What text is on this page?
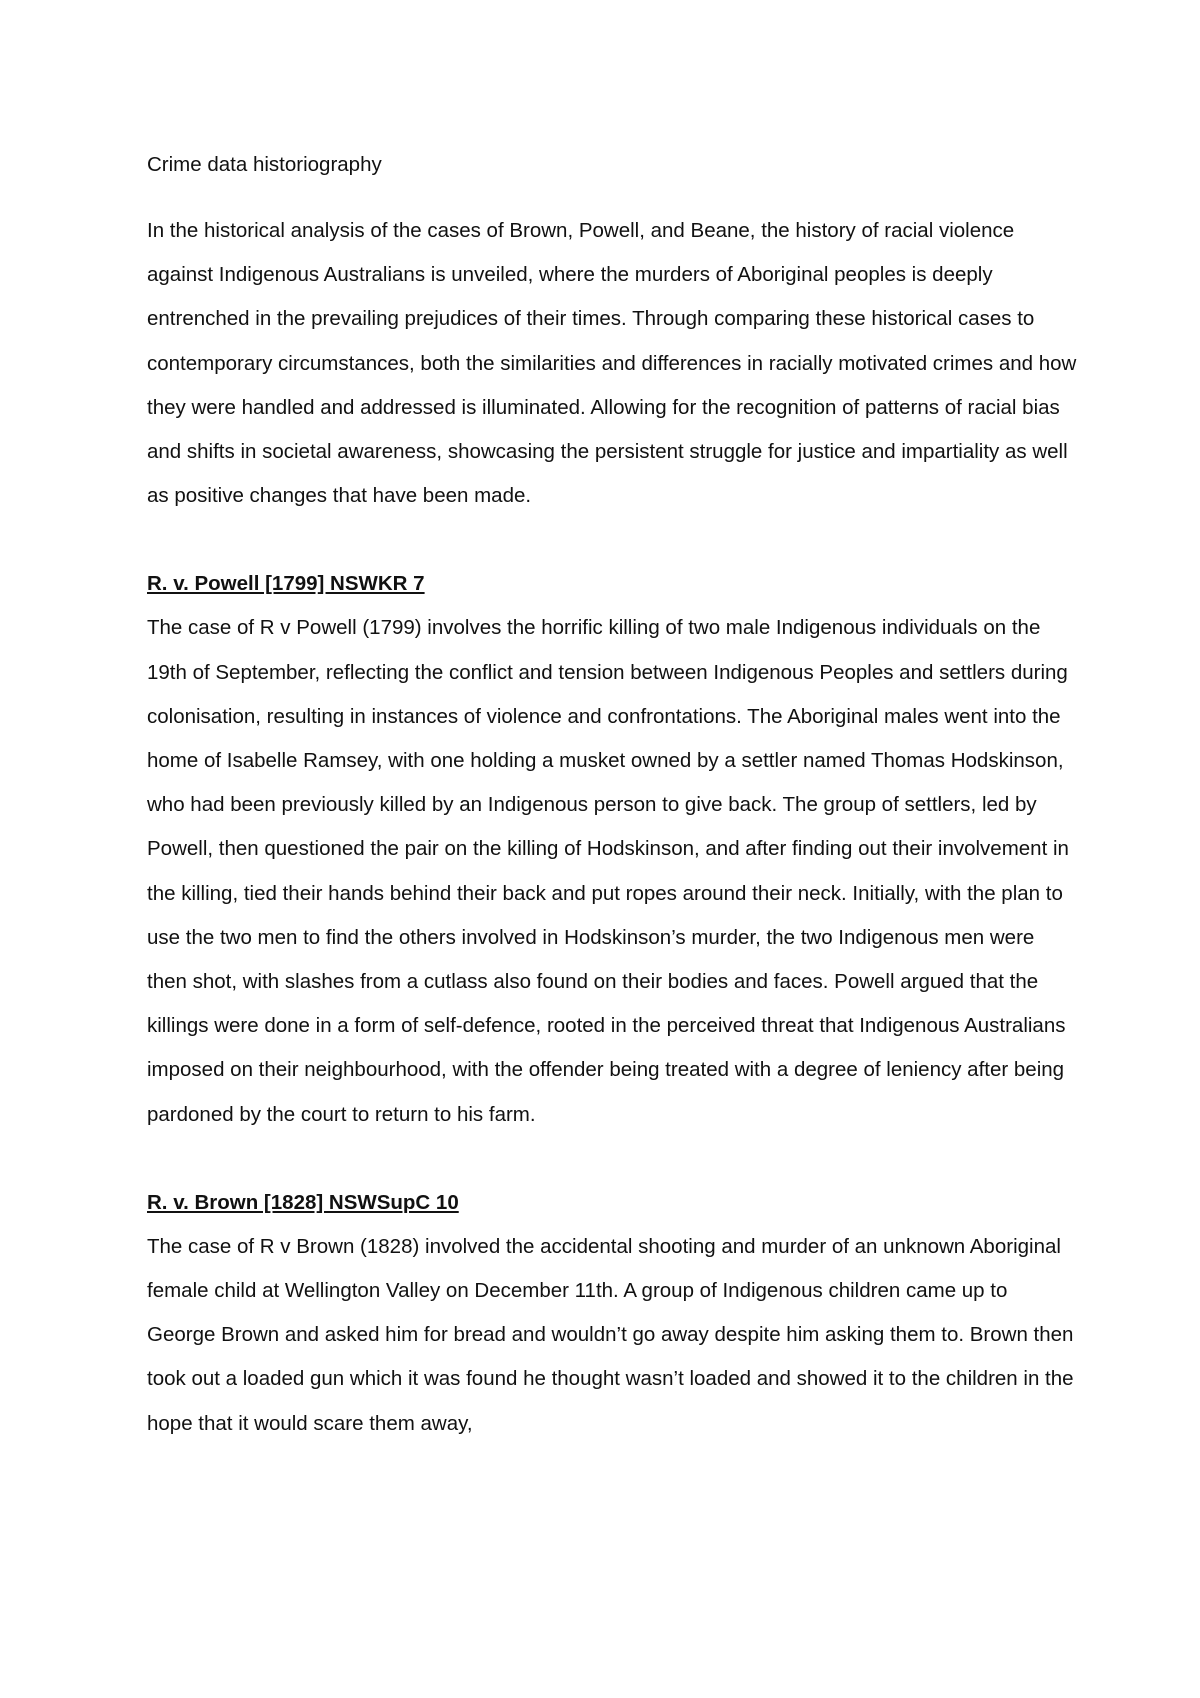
Crime data historiography

In the historical analysis of the cases of Brown, Powell, and Beane, the history of racial violence against Indigenous Australians is unveiled, where the murders of Aboriginal peoples is deeply entrenched in the prevailing prejudices of their times. Through comparing these historical cases to contemporary circumstances, both the similarities and differences in racially motivated crimes and how they were handled and addressed is illuminated. Allowing for the recognition of patterns of racial bias and shifts in societal awareness, showcasing the persistent struggle for justice and impartiality as well as positive changes that have been made.

R. v. Powell [1799] NSWKR 7

The case of R v Powell (1799) involves the horrific killing of two male Indigenous individuals on the 19th of September, reflecting the conflict and tension between Indigenous Peoples and settlers during colonisation, resulting in instances of violence and confrontations. The Aboriginal males went into the home of Isabelle Ramsey, with one holding a musket owned by a settler named Thomas Hodskinson, who had been previously killed by an Indigenous person to give back. The group of settlers, led by Powell, then questioned the pair on the killing of Hodskinson, and after finding out their involvement in the killing, tied their hands behind their back and put ropes around their neck. Initially, with the plan to use the two men to find the others involved in Hodskinson’s murder, the two Indigenous men were then shot, with slashes from a cutlass also found on their bodies and faces. Powell argued that the killings were done in a form of self-defence, rooted in the perceived threat that Indigenous Australians imposed on their neighbourhood, with the offender being treated with a degree of leniency after being pardoned by the court to return to his farm.

R. v. Brown [1828] NSWSupC 10

The case of R v Brown (1828) involved the accidental shooting and murder of an unknown Aboriginal female child at Wellington Valley on December 11th. A group of Indigenous children came up to George Brown and asked him for bread and wouldn’t go away despite him asking them to. Brown then took out a loaded gun which it was found he thought wasn’t loaded and showed it to the children in the hope that it would scare them away,
